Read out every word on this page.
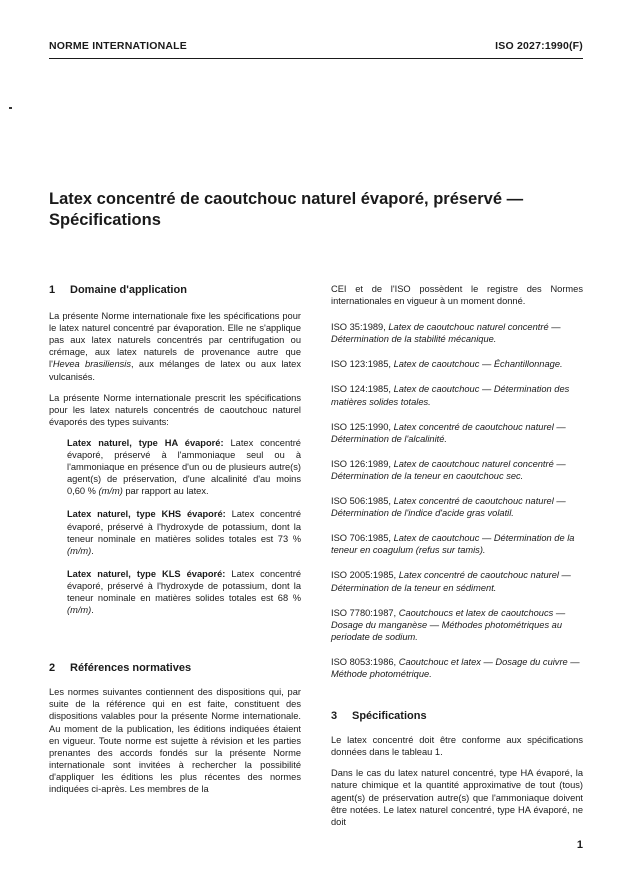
NORME INTERNATIONALE	ISO 2027:1990(F)
Latex concentré de caoutchouc naturel évaporé, préservé —
Spécifications
1 Domaine d'application

La présente Norme internationale fixe les spécifications pour le latex naturel concentré par évaporation. Elle ne s'applique pas aux latex naturels concentrés par centrifugation ou crémage, aux latex naturels de provenance autre que l'Hevea brasiliensis, aux mélanges de latex ou aux latex vulcanisés.

La présente Norme internationale prescrit les spécifications pour les latex naturels concentrés de caoutchouc naturel évaporés des types suivants:

Latex naturel, type HA évaporé: Latex concentré évaporé, préservé à l'ammoniaque seul ou à l'ammoniaque en présence d'un ou de plusieurs autre(s) agent(s) de préservation, d'une alcalinité d'au moins 0,60 % (m/m) par rapport au latex.
Latex naturel, type KHS évaporé: Latex concentré évaporé, préservé à l'hydroxyde de potassium, dont la teneur nominale en matières solides totales est 73 % (m/m).
Latex naturel, type KLS évaporé: Latex concentré évaporé, préservé à l'hydroxyde de potassium, dont la teneur nominale en matières solides totales est 68 % (m/m).
2 Références normatives

Les normes suivantes contiennent des dispositions qui, par suite de la référence qui en est faite, constituent des dispositions valables pour la présente Norme internationale. Au moment de la publication, les éditions indiquées étaient en vigueur. Toute norme est sujette à révision et les parties prenantes des accords fondés sur la présente Norme internationale sont invitées à rechercher la possibilité d'appliquer les éditions les plus récentes des normes indiquées ci-après. Les membres de la

CEI et de l'ISO possèdent le registre des Normes internationales en vigueur à un moment donné.

ISO 35:1989, Latex de caoutchouc naturel concentré — Détermination de la stabilité mécanique.
ISO 123:1985, Latex de caoutchouc — Échantillonnage.
ISO 124:1985, Latex de caoutchouc — Détermination des matières solides totales.
ISO 125:1990, Latex concentré de caoutchouc naturel — Détermination de l'alcalinité.
ISO 126:1989, Latex de caoutchouc naturel concentré — Détermination de la teneur en caoutchouc sec.
ISO 506:1985, Latex concentré de caoutchouc naturel — Détermination de l'indice d'acide gras volatil.
ISO 706:1985, Latex de caoutchouc — Détermination de la teneur en coagulum (refus sur tamis).
ISO 2005:1985, Latex concentré de caoutchouc naturel — Détermination de la teneur en sédiment.
ISO 7780:1987, Caoutchoucs et latex de caoutchoucs — Dosage du manganèse — Méthodes photométriques au periodate de sodium.
ISO 8053:1986, Caoutchouc et latex — Dosage du cuivre — Méthode photométrique.
3 Spécifications

Le latex concentré doit être conforme aux spécifications données dans le tableau 1.

Dans le cas du latex naturel concentré, type HA évaporé, la nature chimique et la quantité approximative de tout (tous) agent(s) de préservation autre(s) que l'ammoniaque doivent être notées. Le latex naturel concentré, type HA évaporé, ne doit

1
